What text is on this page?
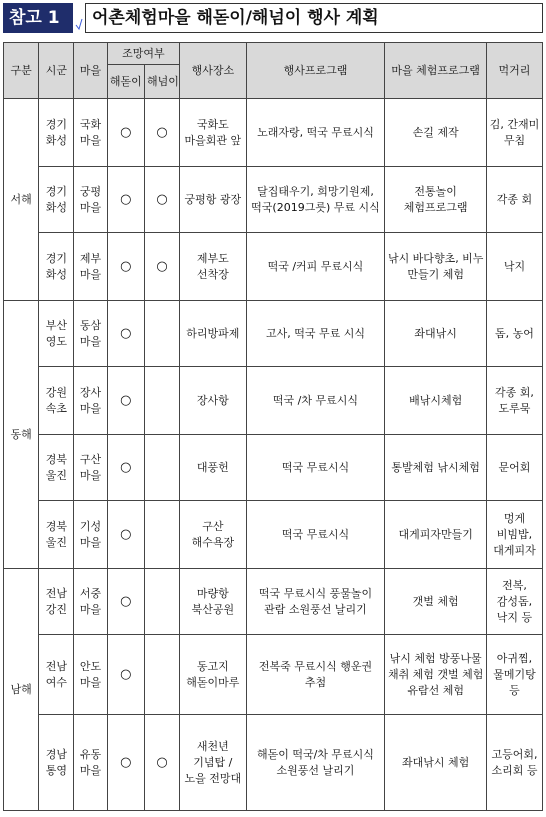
참고 1	어촌체험마을 해돋이/해넘이 행사 계획
구분	시군	마을	조망여부		행사장소	행사프로그램	마을 체험프로그램	먹거리
			해돋이	해넘이				
서해	경기 화성	국화 마을	○	○	국화도 마을회관 앞	노래자랑, 떡국 무료시식	손길 제작	김, 간재미 무침
	경기 화성	궁평 마을	○	○	궁평항 광장	달집태우기, 희망기원제, 떡국(2019그릇) 무료 시식	전통놀이 체험프로그램	각종 회
	경기 화성	제부 마을	○	○	제부도 선착장	떡국 /커피 무료시식	낚시 바다향초, 비누 만들기 체험	낙지
동해	부산 영도	동삼 마을	○		하리방파제	고사, 떡국 무료 시식	좌대낚시	돔, 농어
	강원 속초	장사 마을	○		장사항	떡국 /차 무료시식	배낚시체험	각종 회, 도루묵
	경북 울진	구산 마을	○		대풍헌	떡국 무료시식	통발체험 낚시체험	문어회
	경북 울진	기성 마을	○		구산 해수욕장	떡국 무료시식	대게피자만들기	멍게 비빔밥, 대게피자
남해	전남 강진	서중 마을	○		마량항 북산공원	떡국 무료시식 풍물놀이 관람 소원풍선 날리기	갯벌 체험	전복, 감성돔, 낙지 등
	전남 여수	안도 마을	○		동고지 해돋이마루	전복죽 무료시식 행운권 추첨	낚시 체험 방풍나물 채취 체험 갯벌 체험 유람선 체험	아귀찜, 물메기탕 등
	경남 통영	유동 마을	○	○	새천년 기념탑 / 노을 전망대	해돋이 떡국/차 무료시식 소원풍선 날리기	좌대낚시 체험	고등어회, 소리회 등
